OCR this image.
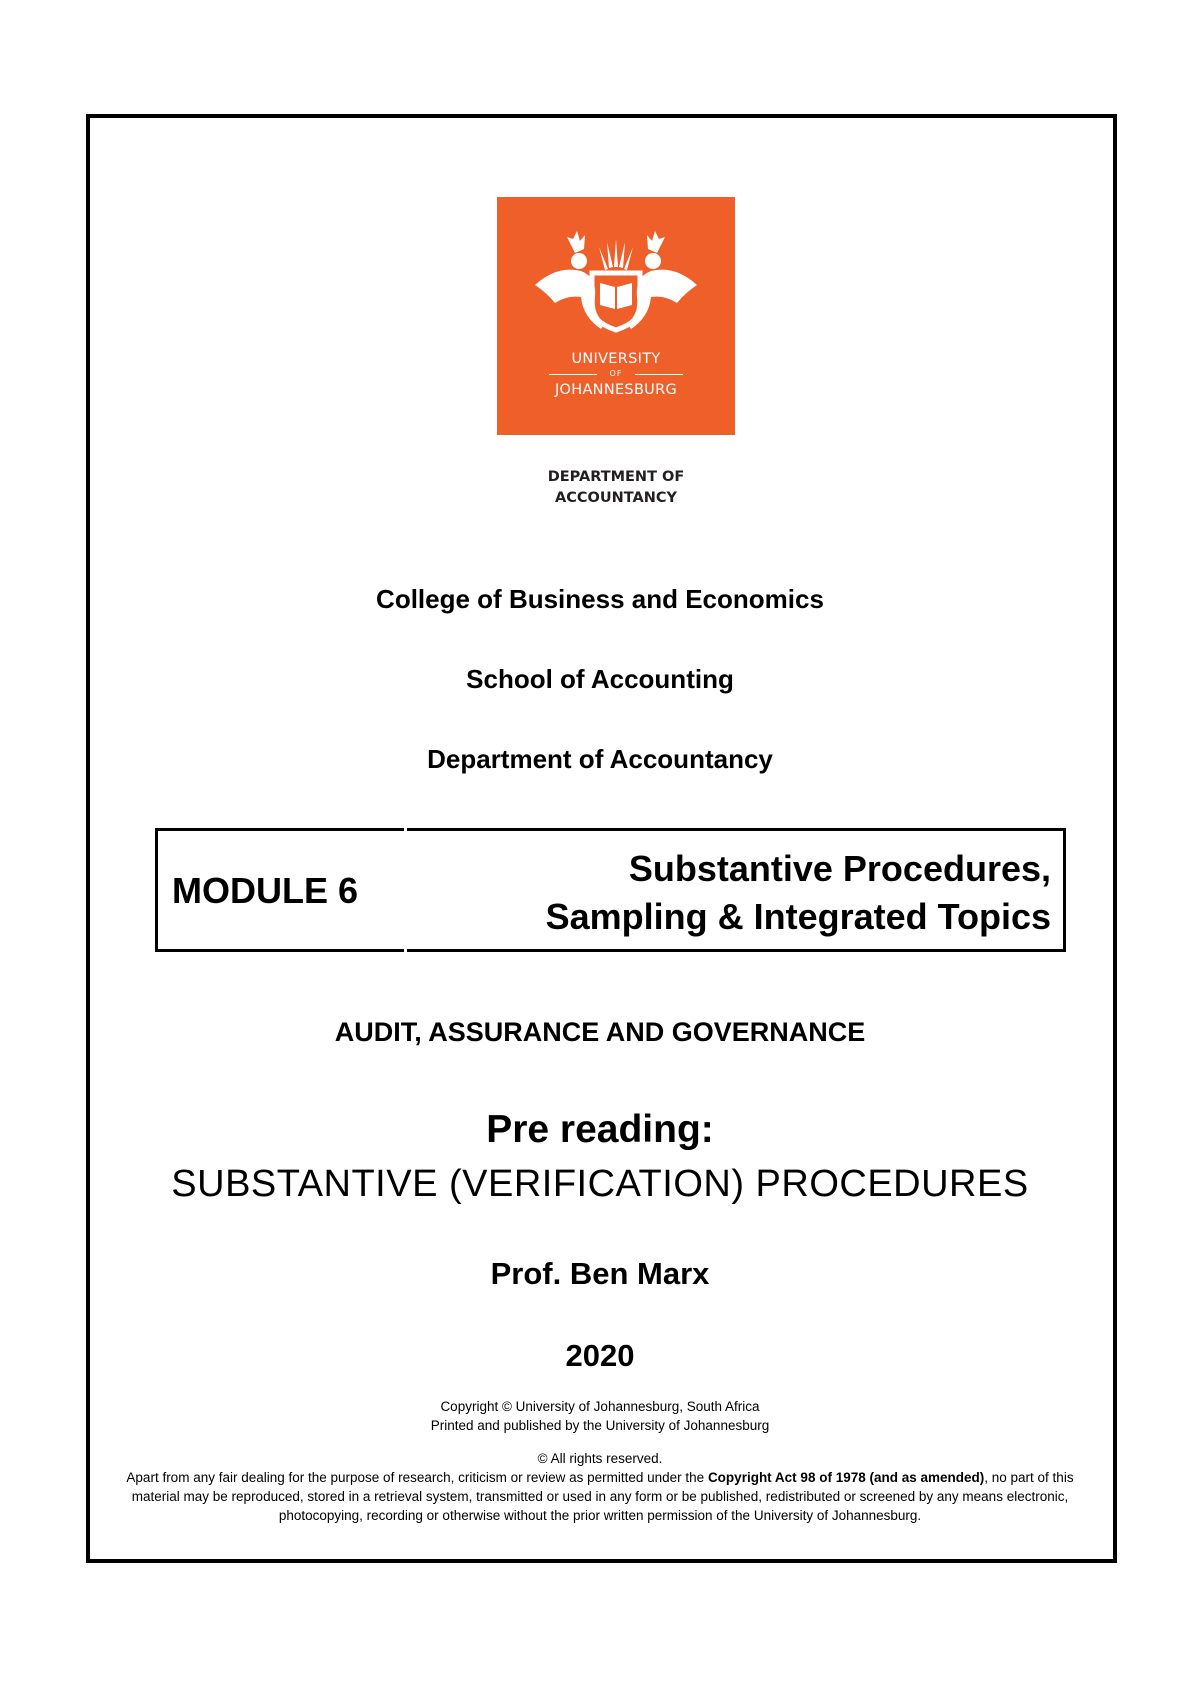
UNIVERSITY
OF
JOHANNESBURG
DEPARTMENT OF
ACCOUNTANCY
College of Business and Economics
School of Accounting
Department of Accountancy
MODULE 6
Substantive Procedures,
Sampling & Integrated Topics
AUDIT, ASSURANCE AND GOVERNANCE
Pre reading:
SUBSTANTIVE (VERIFICATION) PROCEDURES
Prof. Ben Marx
2020

Copyright © University of Johannesburg, South Africa

Printed and published by the University of Johannesburg

© All rights reserved.

Apart from any fair dealing for the purpose of research, criticism or review as permitted under the Copyright Act 98 of 1978 (and as amended), no part of this material may be reproduced, stored in a retrieval system, transmitted or used in any form or be published, redistributed or screened by any means electronic, photocopying, recording or otherwise without the prior written permission of the University of Johannesburg.
